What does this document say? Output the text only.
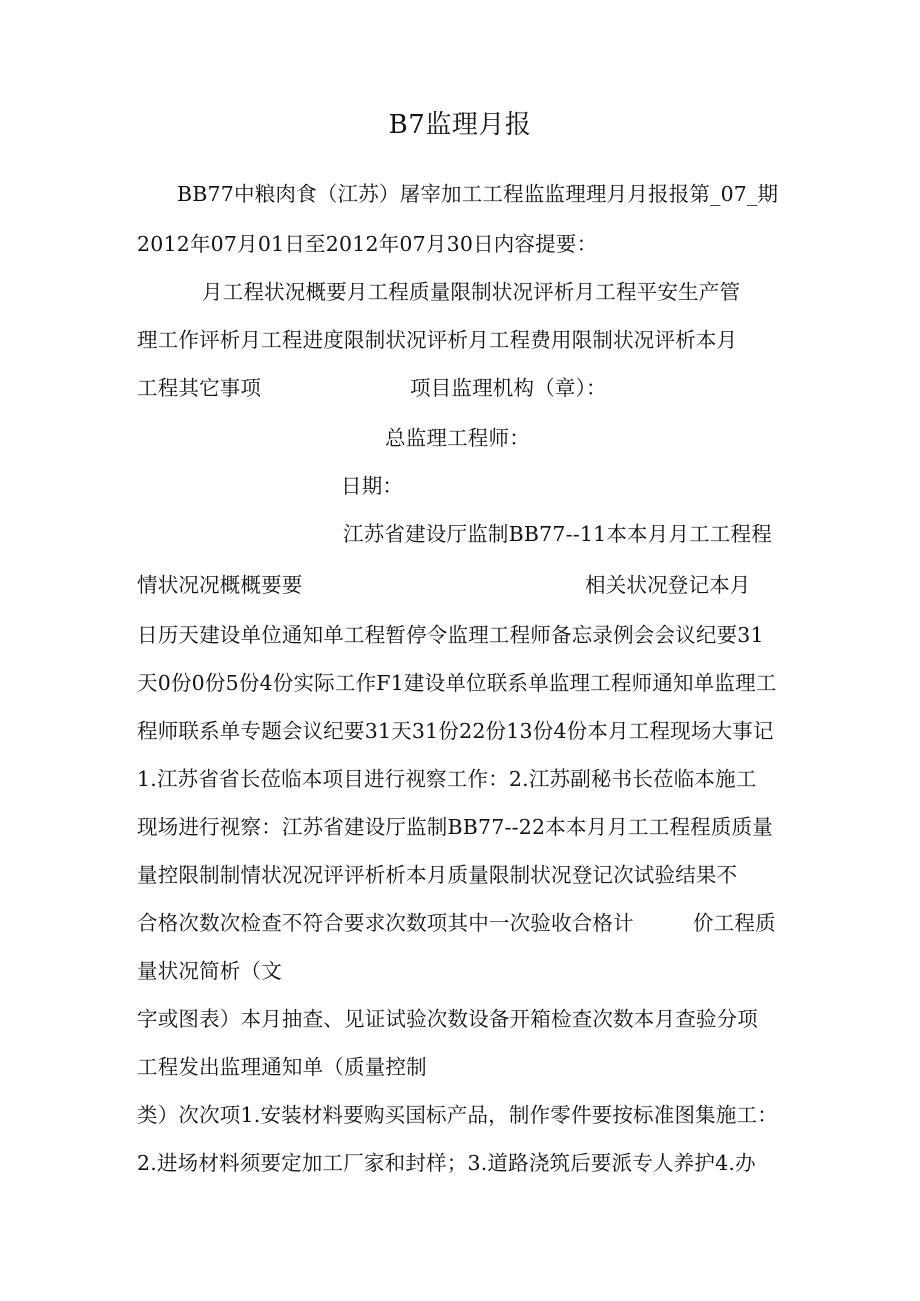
B7监理月报
BB77中粮肉食（江苏）屠宰加工工程监监理理月月报报第_07_期
2012年07月01日至2012年07月30日内容提要：
月工程状况概要月工程质量限制状况评析月工程平安生产管
理工作评析月工程进度限制状况评析月工程费用限制状况评析本月
工程其它事项	项目监理机构（章）：
总监理工程师：
日期：
江苏省建设厅监制BB77--11本本月月工工程程
情状况况概概要要	相关状况登记本月
日历天建设单位通知单工程暂停令监理工程师备忘录例会会议纪要31
天0份0份5份4份实际工作F1建设单位联系单监理工程师通知单监理工
程师联系单专题会议纪要31天31份22份13份4份本月工程现场大事记
1.江苏省省长莅临本项目进行视察工作：2.江苏副秘书长莅临本施工
现场进行视察：江苏省建设厅监制BB77--22本本月月工工程程质质量
量控限制制情状况况评评析析本月质量限制状况登记次试验结果不
合格次数次检查不符合要求次数项其中一次验收合格计	价工程质
量状况简析（文
字或图表）本月抽查、见证试验次数设备开箱检查次数本月查验分项
工程发出监理通知单（质量控制
类）次次项1.安装材料要购买国标产品，制作零件要按标准图集施工：
2.进场材料须要定加工厂家和封样；3.道路浇筑后要派专人养护4.办
